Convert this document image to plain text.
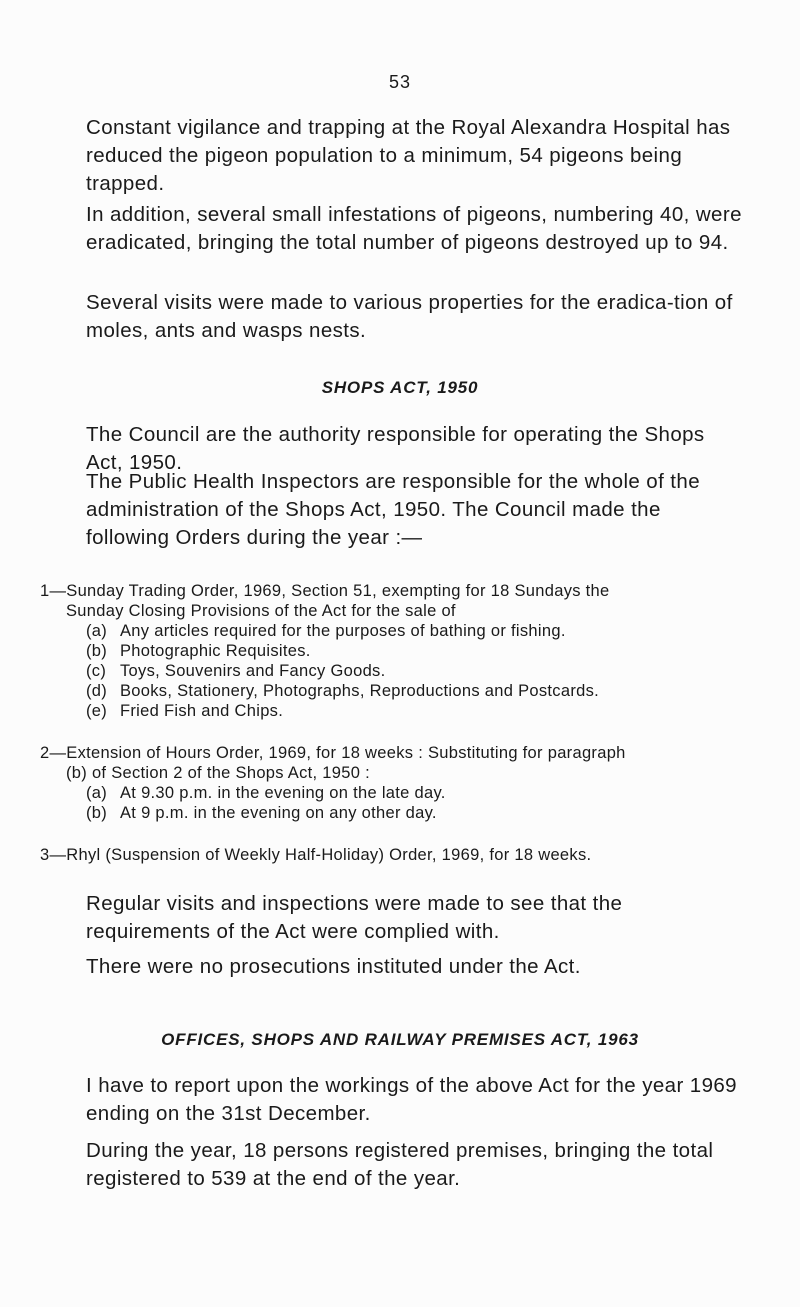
53

Constant vigilance and trapping at the Royal Alexandra Hospital has reduced the pigeon population to a minimum, 54 pigeons being trapped.

In addition, several small infestations of pigeons, numbering 40, were eradicated, bringing the total number of pigeons destroyed up to 94.

Several visits were made to various properties for the eradica-tion of moles, ants and wasps nests.

SHOPS ACT, 1950

The Council are the authority responsible for operating the Shops Act, 1950.

The Public Health Inspectors are responsible for the whole of the administration of the Shops Act, 1950. The Council made the following Orders during the year :—

1—Sunday Trading Order, 1969, Section 51, exempting for 18 Sundays the

Sunday Closing Provisions of the Act for the sale of

(a) Any articles required for the purposes of bathing or fishing.
(b) Photographic Requisites.
(c) Toys, Souvenirs and Fancy Goods.
(d) Books, Stationery, Photographs, Reproductions and Postcards.
(e) Fried Fish and Chips.

2—Extension of Hours Order, 1969, for 18 weeks : Substituting for paragraph

(b) of Section 2 of the Shops Act, 1950 :

(a) At 9.30 p.m. in the evening on the late day.
(b) At 9 p.m. in the evening on any other day.

3—Rhyl (Suspension of Weekly Half-Holiday) Order, 1969, for 18 weeks.

Regular visits and inspections were made to see that the requirements of the Act were complied with.

There were no prosecutions instituted under the Act.

OFFICES, SHOPS AND RAILWAY PREMISES ACT, 1963

I have to report upon the workings of the above Act for the year 1969 ending on the 31st December.

During the year, 18 persons registered premises, bringing the total registered to 539 at the end of the year.
